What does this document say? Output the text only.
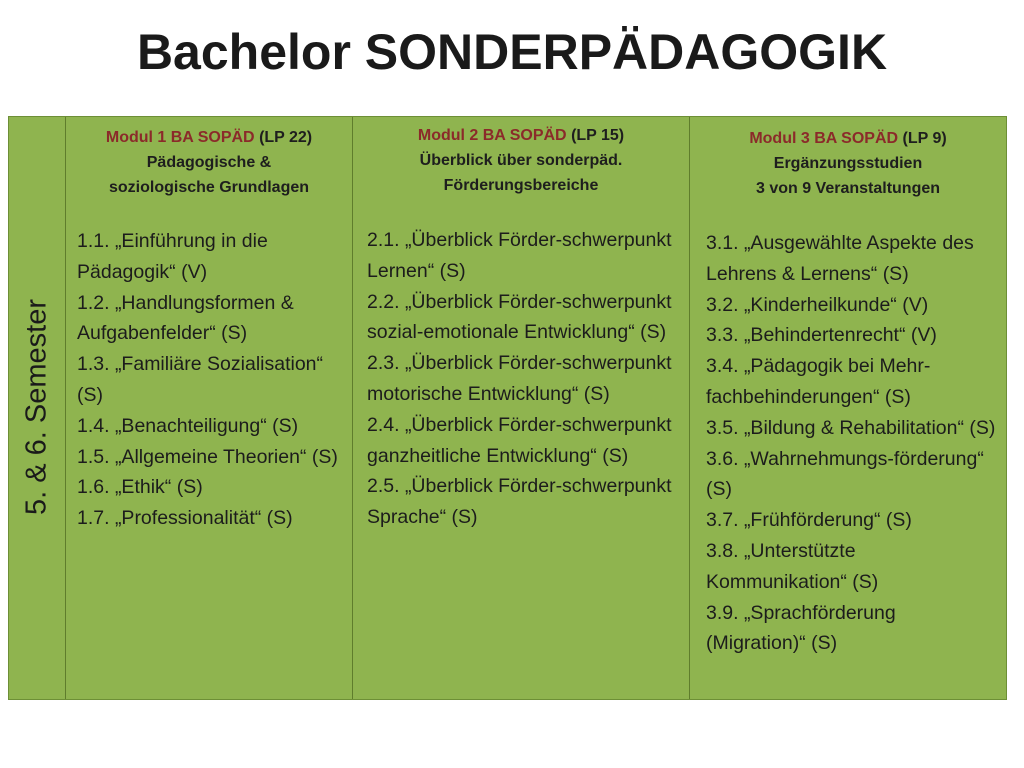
Bachelor SONDERPÄDAGOGIK
5. & 6. Semester
Modul 1 BA SOPÄD (LP 22)
Pädagogische &
soziologische Grundlagen
1.1. „Einführung in die Pädagogik“ (V)
1.2. „Handlungsformen & Aufgabenfelder“ (S)
1.3. „Familiäre Sozialisation“ (S)
1.4. „Benachteiligung“ (S)
1.5. „Allgemeine Theorien“ (S)
1.6. „Ethik“ (S)
1.7. „Professionalität“ (S)
Modul 2 BA SOPÄD (LP 15)
Überblick über sonderpäd.
Förderungsbereiche
2.1. „Überblick Förder-schwerpunkt Lernen“ (S)
2.2. „Überblick Förder-schwerpunkt sozial-emotionale Entwicklung“ (S)
2.3. „Überblick Förder-schwerpunkt motorische Entwicklung“ (S)
2.4. „Überblick Förder-schwerpunkt ganzheitliche Entwicklung“ (S)
2.5. „Überblick Förder-schwerpunkt Sprache“ (S)
Modul 3 BA SOPÄD (LP 9)
Ergänzungsstudien
3 von 9 Veranstaltungen
3.1. „Ausgewählte Aspekte des Lehrens & Lernens“ (S)
3.2. „Kinderheilkunde“ (V)
3.3. „Behindertenrecht“ (V)
3.4. „Pädagogik bei Mehr-fachbehinderungen“ (S)
3.5. „Bildung & Rehabilitation“ (S)
3.6. „Wahrnehmungs-förderung“ (S)
3.7. „Frühförderung“ (S)
3.8. „Unterstützte Kommunikation“ (S)
3.9. „Sprachförderung (Migration)“ (S)
